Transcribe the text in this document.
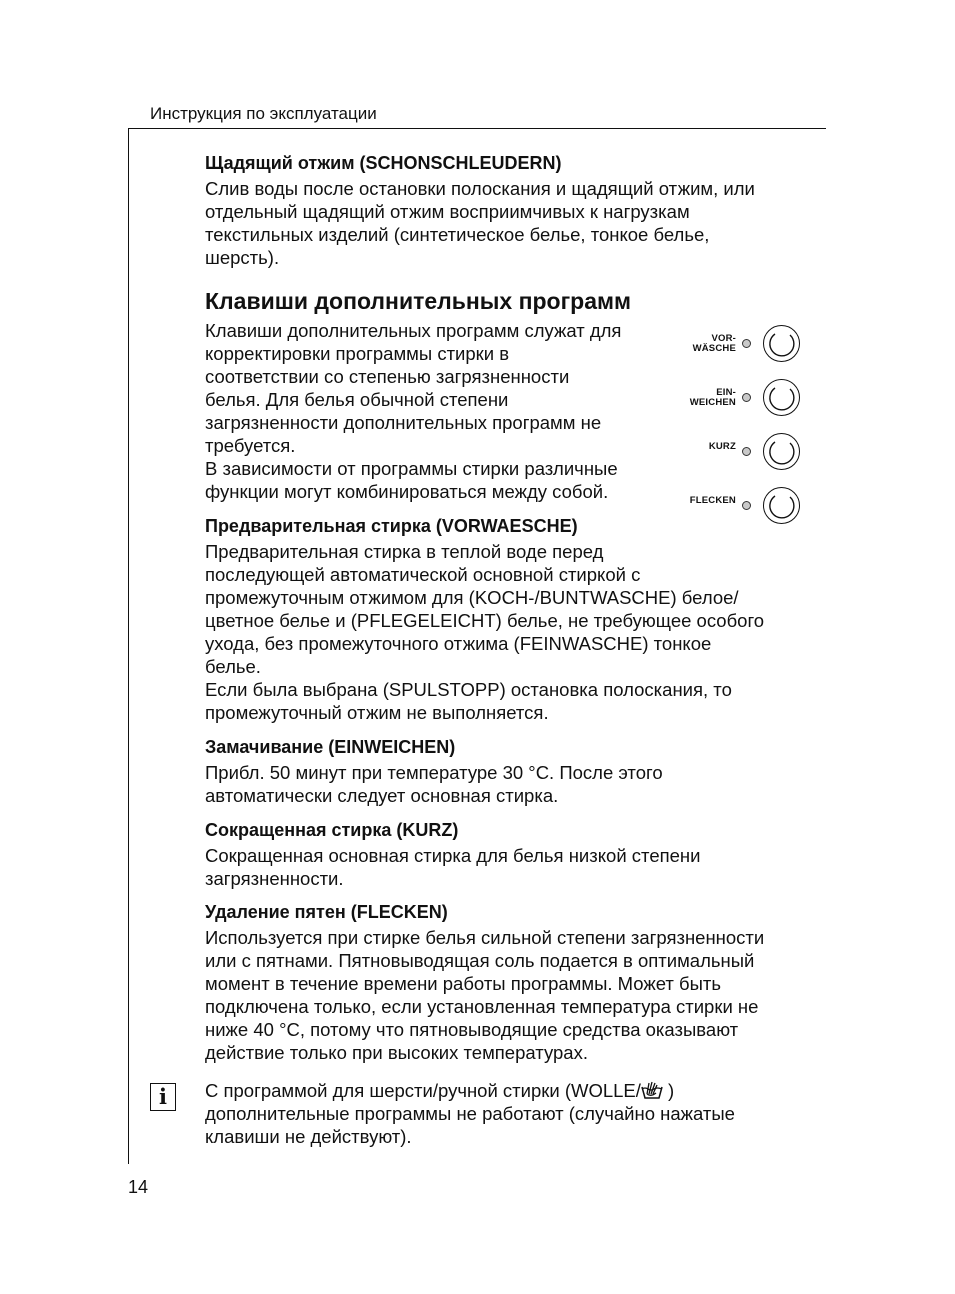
Инструкция по эксплуатации

Щадящий отжим (SCHONSCHLEUDERN)

Слив воды после остановки полоскания и щадящий отжим, или
отдельный щадящий отжим восприимчивых к нагрузкам
текстильных изделий (синтетическое белье, тонкое белье,
шерсть).

Клавиши дополнительных программ

Клавиши дополнительных программ служат для
корректировки программы стирки в
соответствии со степенью загрязненности
белья. Для белья обычной степени
загрязненности дополнительных программ не
требуется.
В зависимости от программы стирки различные
функции могут комбинироваться между собой.

VOR-
WÄSCHE
EIN-
WEICHEN
KURZ
FLECKEN

Предварительная стирка (VORWAESCHE)

Предварительная стирка в теплой воде перед
последующей автоматической основной стиркой с
промежуточным отжимом для (KOCH-/BUNTWASCHE) белое/
цветное белье и (PFLEGELEICHT) белье, не требующее особого
ухода, без промежуточного отжима (FEINWASCHE) тонкое
белье.
Если была выбрана (SPULSTOPP) остановка полоскания, то
промежуточный отжим не выполняется.

Замачивание (EINWEICHEN)

Прибл. 50 минут при температуре 30 °С. После этого
автоматически следует основная стирка.

Сокращенная стирка (KURZ)

Сокращенная основная стирка для белья низкой степени
загрязненности.

Удаление пятен (FLECKEN)

Используется при стирке белья сильной степени загрязненности
или с пятнами. Пятновыводящая соль подается в оптимальный
момент в течение времени работы программы. Может быть
подключена только, если установленная температура стирки не
ниже 40 °С, потому что пятновыводящие средства оказывают
действие только при высоких температурах.

i	С программой для шерсти/ручной стирки (WOLLE/ )

дополнительные программы не работают (случайно нажатые
клавиши не действуют).

14
